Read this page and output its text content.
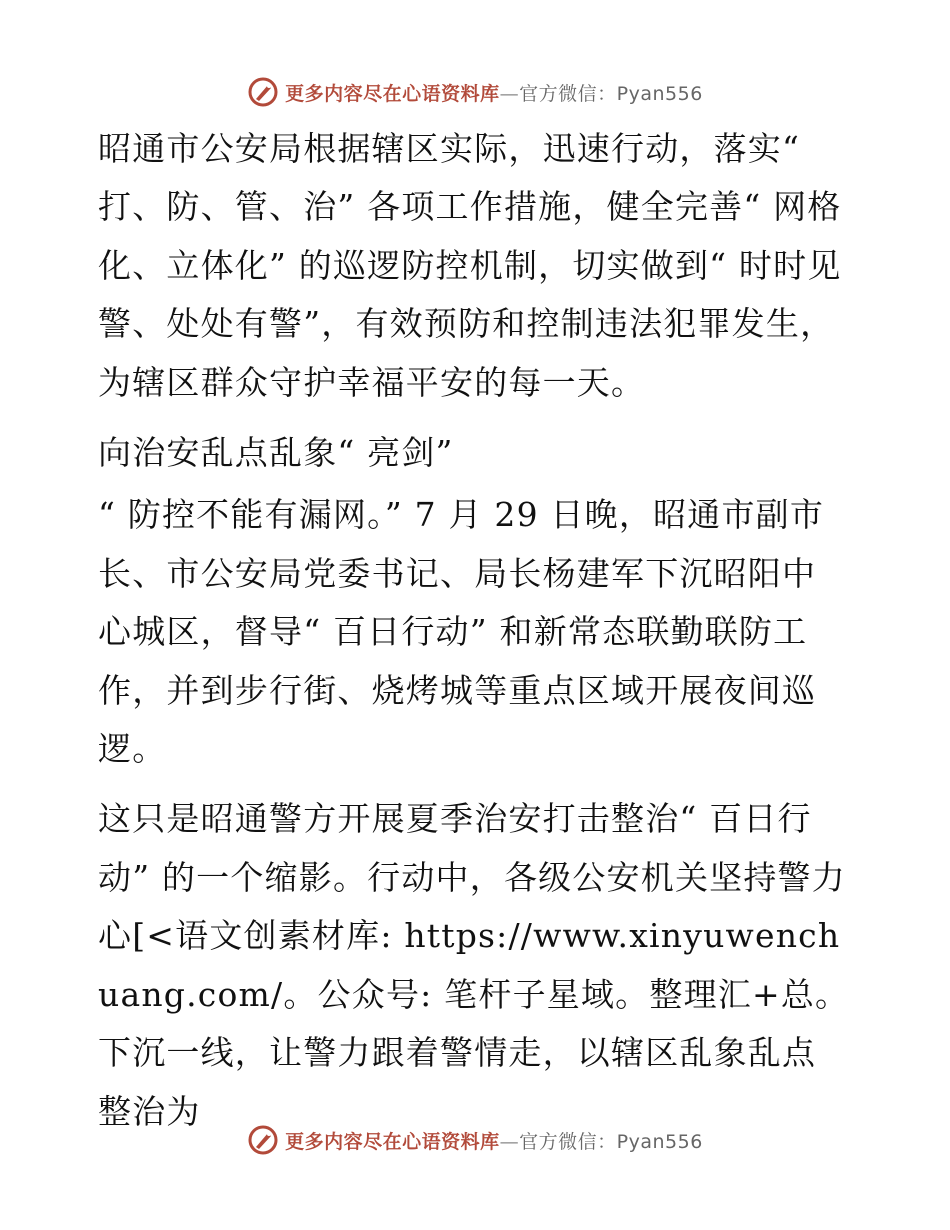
更多内容尽在心语资料库—官方微信：Pyan556

昭通市公安局根据辖区实际，迅速行动，落实“ 打、防、管、治” 各项工作措施，健全完善“ 网格化、立体化” 的巡逻防控机制，切实做到“ 时时见警、处处有警”，有效预防和控制违法犯罪发生，为辖区群众守护幸福平安的每一天。

向治安乱点乱象“ 亮剑”

“ 防控不能有漏网。” 7 月 29 日晚，昭通市副市长、市公安局党委书记、局长杨建军下沉昭阳中心城区，督导“ 百日行动” 和新常态联勤联防工作，并到步行街、烧烤城等重点区域开展夜间巡逻。

这只是昭通警方开展夏季治安打击整治“ 百日行动” 的一个缩影。行动中，各级公安机关坚持警力心[<语文创素材库: https://www.xinyuwenchuang.com/。公众号: 笔杆子星域。整理汇+总。下沉一线，让警力跟着警情走，以辖区乱象乱点整治为

更多内容尽在心语资料库—官方微信：Pyan556
